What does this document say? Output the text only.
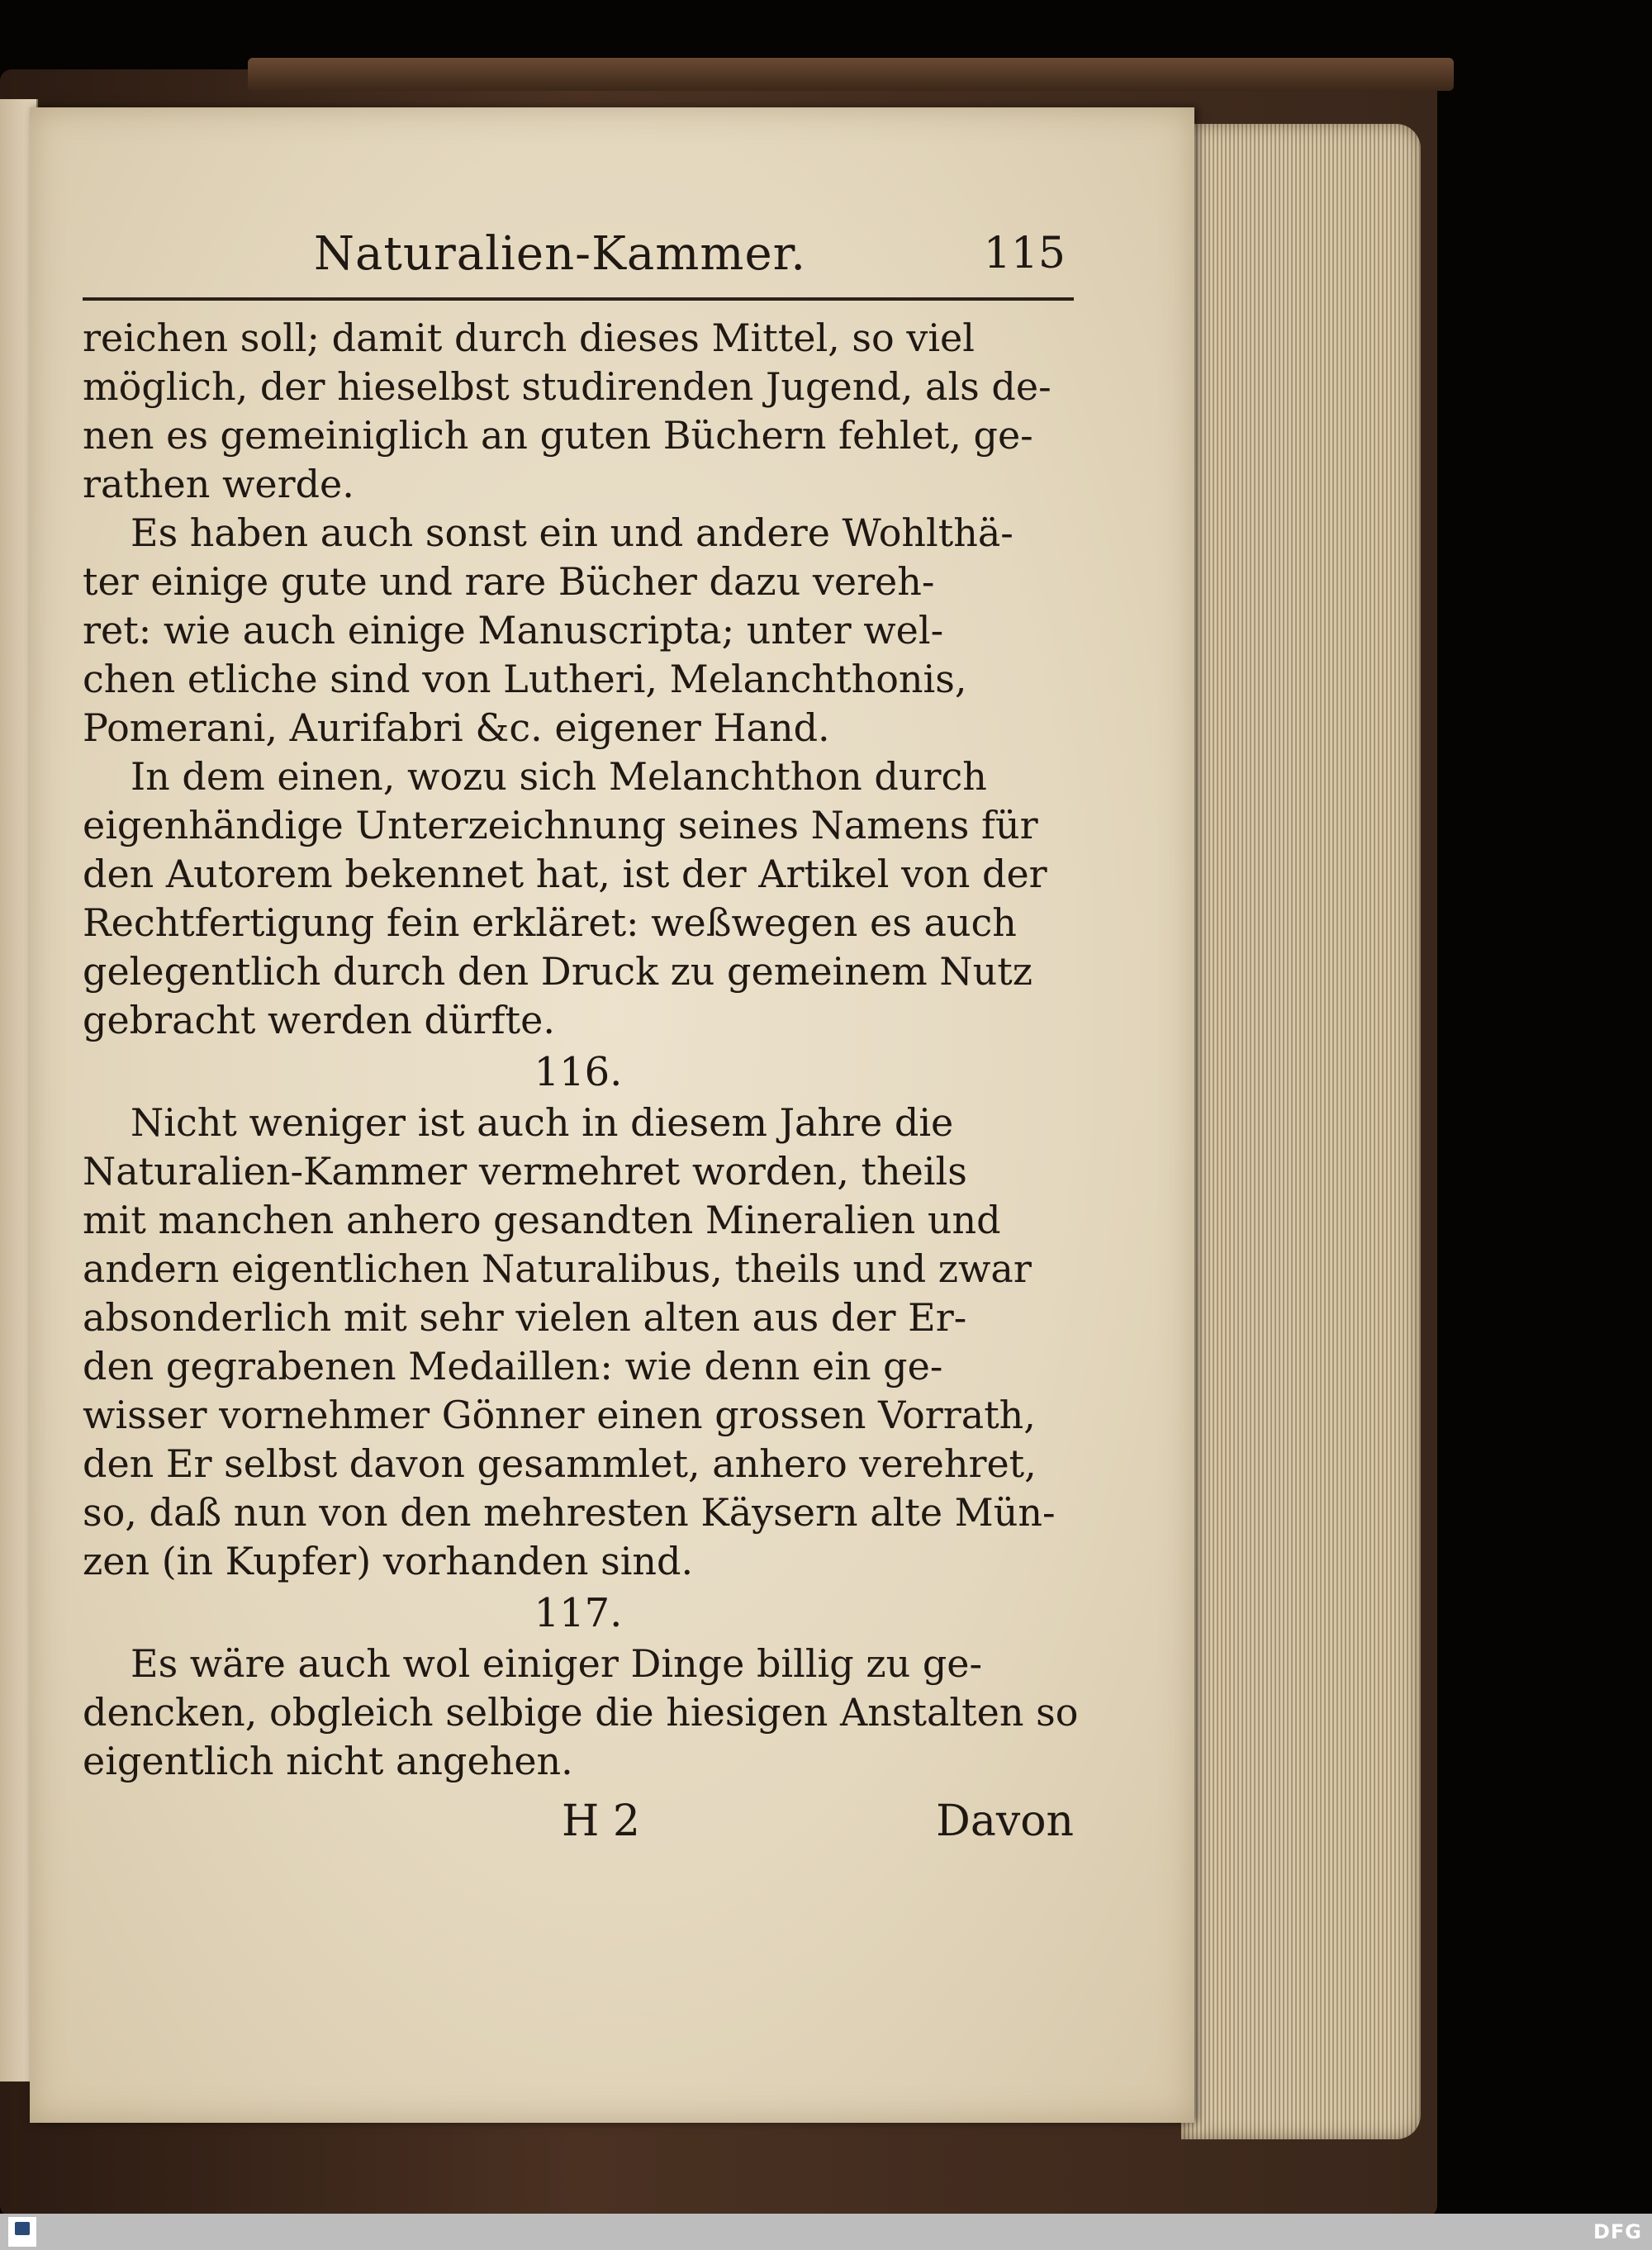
Naturalien-Kammer.	115

reichen soll; damit durch dieses Mittel, so viel
möglich, der hieselbst studirenden Jugend, als de-
nen es gemeiniglich an guten Büchern fehlet, ge-
rathen werde.

Es haben auch sonst ein und andere Wohlthä-
ter einige gute und rare Bücher dazu vereh-
ret: wie auch einige Manuscripta; unter wel-
chen etliche sind von Lutheri, Melanchthonis,
Pomerani, Aurifabri &c. eigener Hand.

In dem einen, wozu sich Melanchthon durch
eigenhändige Unterzeichnung seines Namens für
den Autorem bekennet hat, ist der Artikel von der
Rechtfertigung fein erkläret: weßwegen es auch
gelegentlich durch den Druck zu gemeinem Nutz
gebracht werden dürfte.

116.

Nicht weniger ist auch in diesem Jahre die
Naturalien-Kammer vermehret worden, theils
mit manchen anhero gesandten Mineralien und
andern eigentlichen Naturalibus, theils und zwar
absonderlich mit sehr vielen alten aus der Er-
den gegrabenen Medaillen: wie denn ein ge-
wisser vornehmer Gönner einen grossen Vorrath,
den Er selbst davon gesammlet, anhero verehret,
so, daß nun von den mehresten Käysern alte Mün-
zen (in Kupfer) vorhanden sind.

117.

Es wäre auch wol einiger Dinge billig zu ge-
dencken, obgleich selbige die hiesigen Anstalten so
eigentlich nicht angehen.

H 2	Davon
DFG
